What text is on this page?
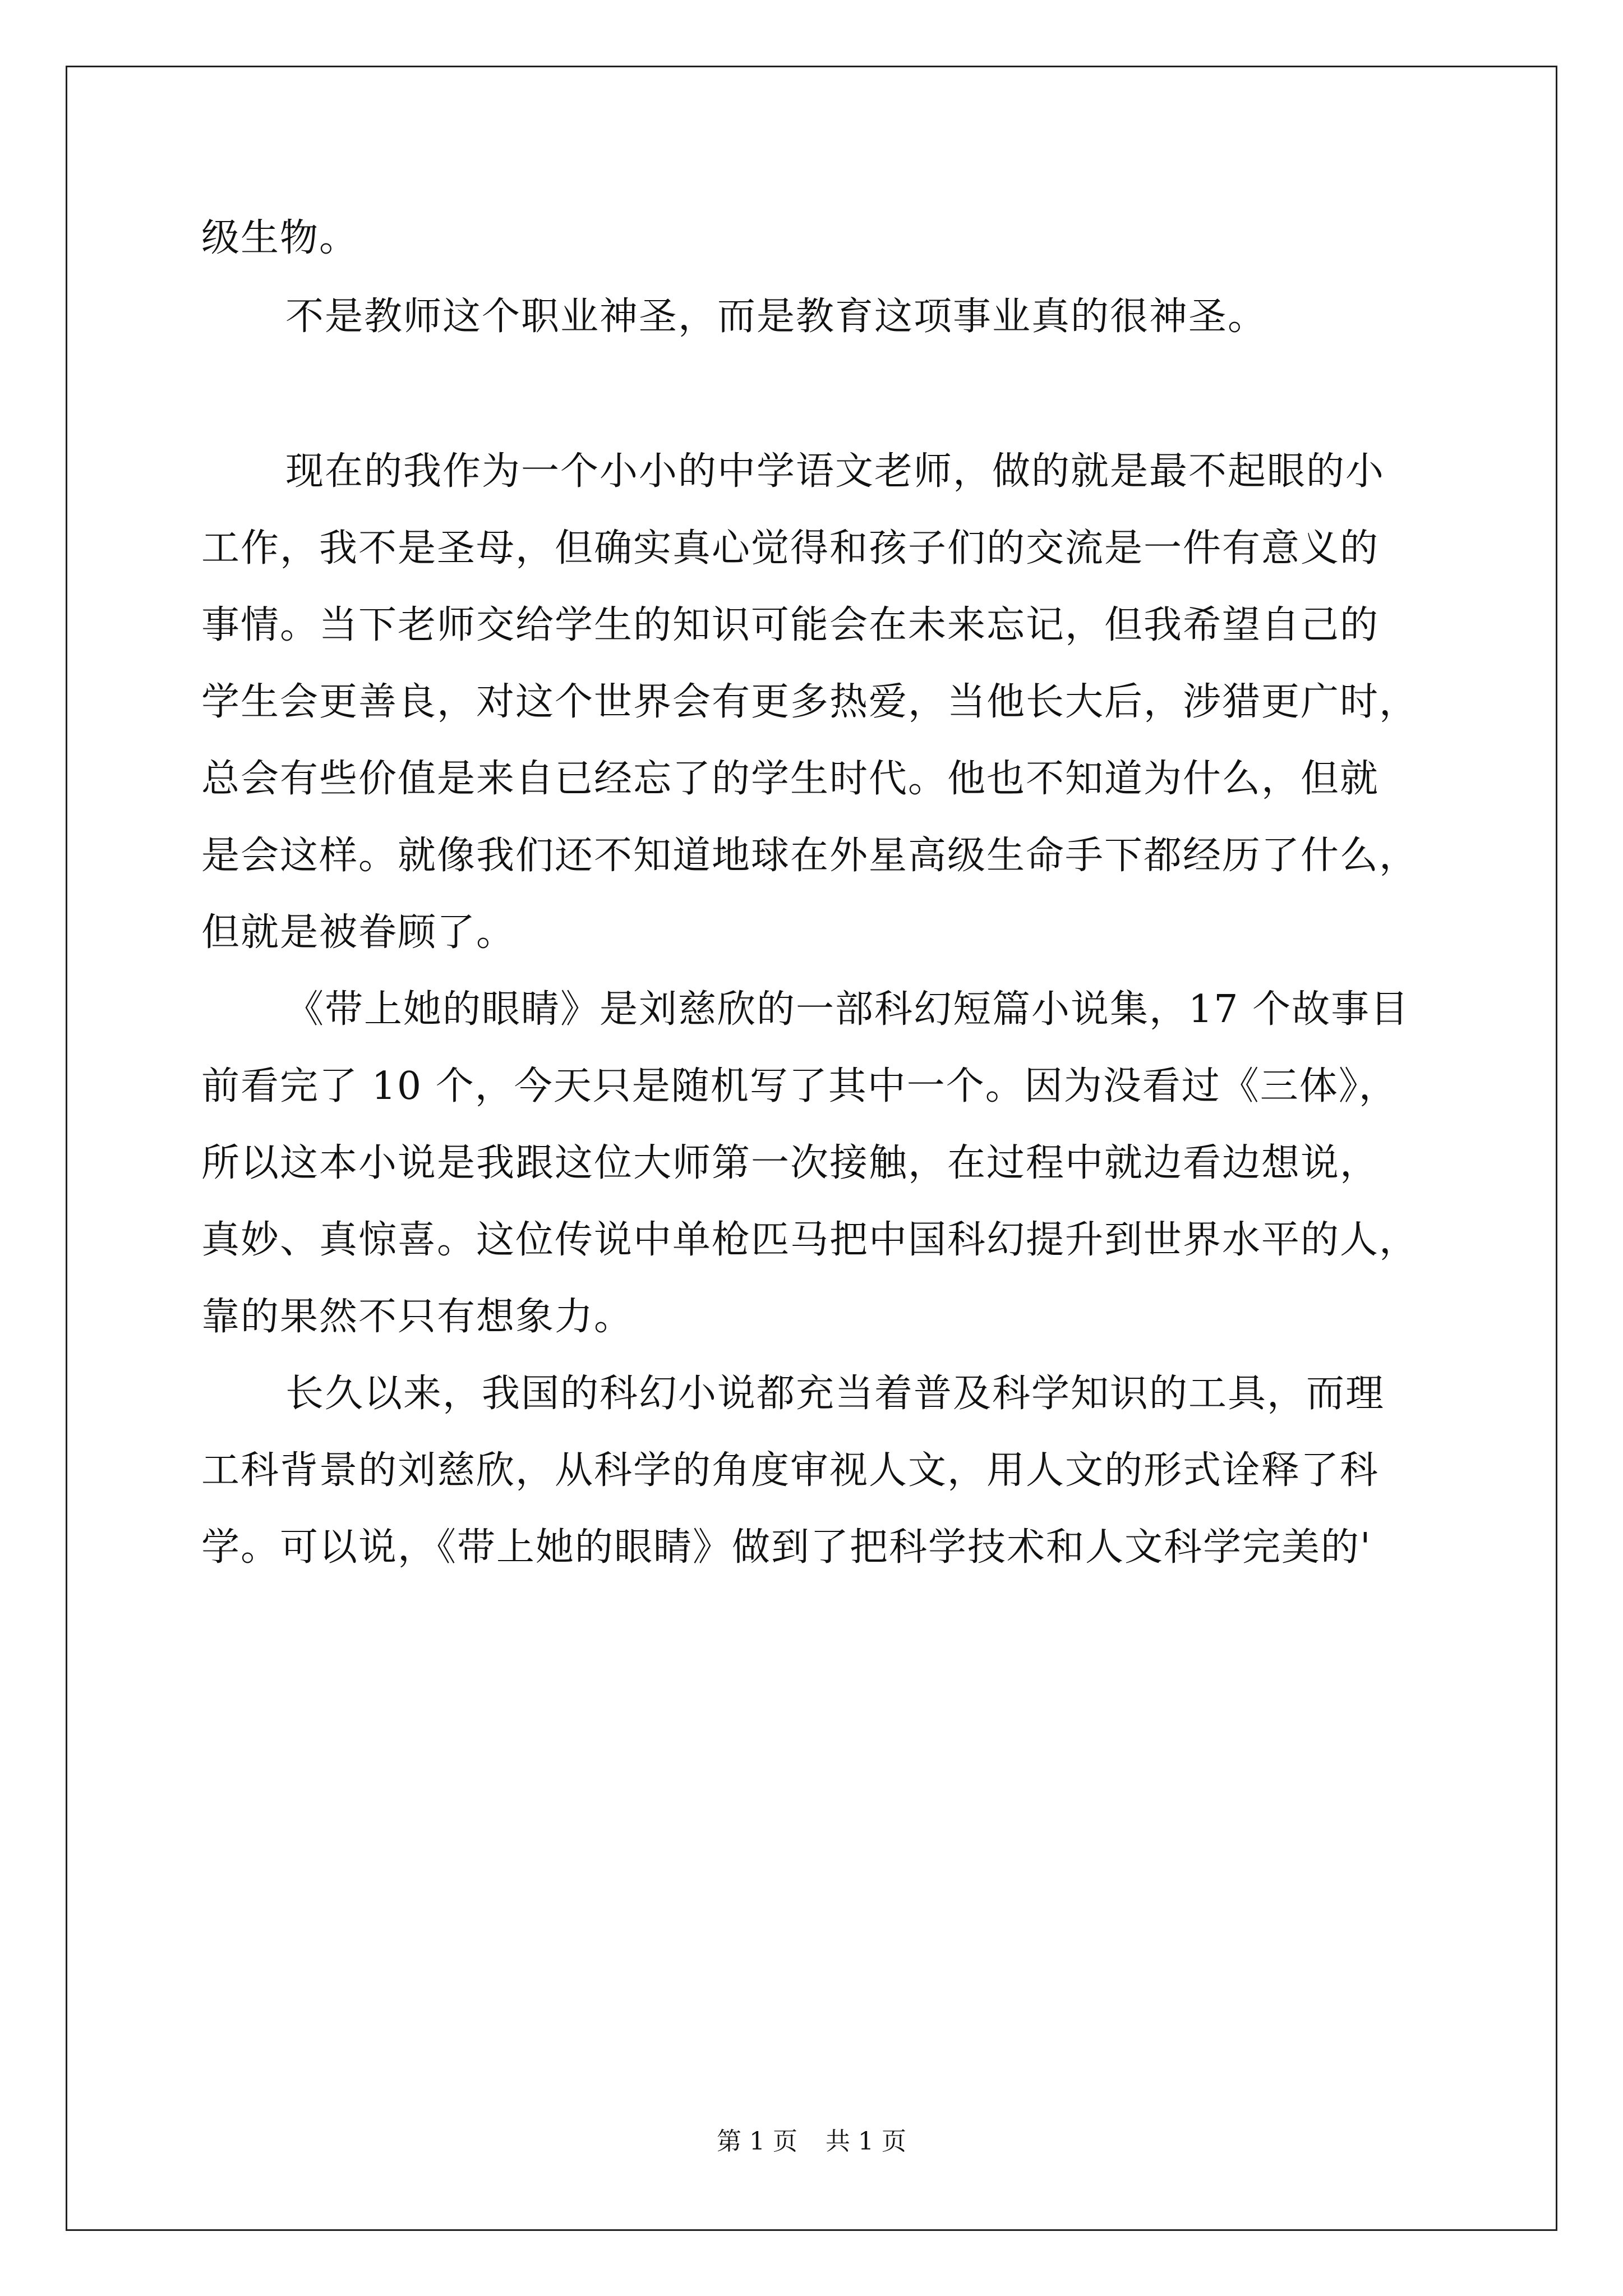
级生物。
不是教师这个职业神圣，而是教育这项事业真的很神圣。
现在的我作为一个小小的中学语文老师，做的就是最不起眼的小
工作，我不是圣母，但确实真心觉得和孩子们的交流是一件有意义的
事情。当下老师交给学生的知识可能会在未来忘记，但我希望自己的
学生会更善良，对这个世界会有更多热爱，当他长大后，涉猎更广时，
总会有些价值是来自已经忘了的学生时代。他也不知道为什么，但就
是会这样。就像我们还不知道地球在外星高级生命手下都经历了什么，
但就是被眷顾了。
《带上她的眼睛》是刘慈欣的一部科幻短篇小说集，17 个故事目
前看完了 10 个，今天只是随机写了其中一个。因为没看过《三体》，
所以这本小说是我跟这位大师第一次接触，在过程中就边看边想说，
真妙、真惊喜。这位传说中单枪匹马把中国科幻提升到世界水平的人，
靠的果然不只有想象力。
长久以来，我国的科幻小说都充当着普及科学知识的工具，而理
工科背景的刘慈欣，从科学的角度审视人文，用人文的形式诠释了科
学。可以说，《带上她的眼睛》做到了把科学技术和人文科学完美的'
第 1 页 共 1 页
